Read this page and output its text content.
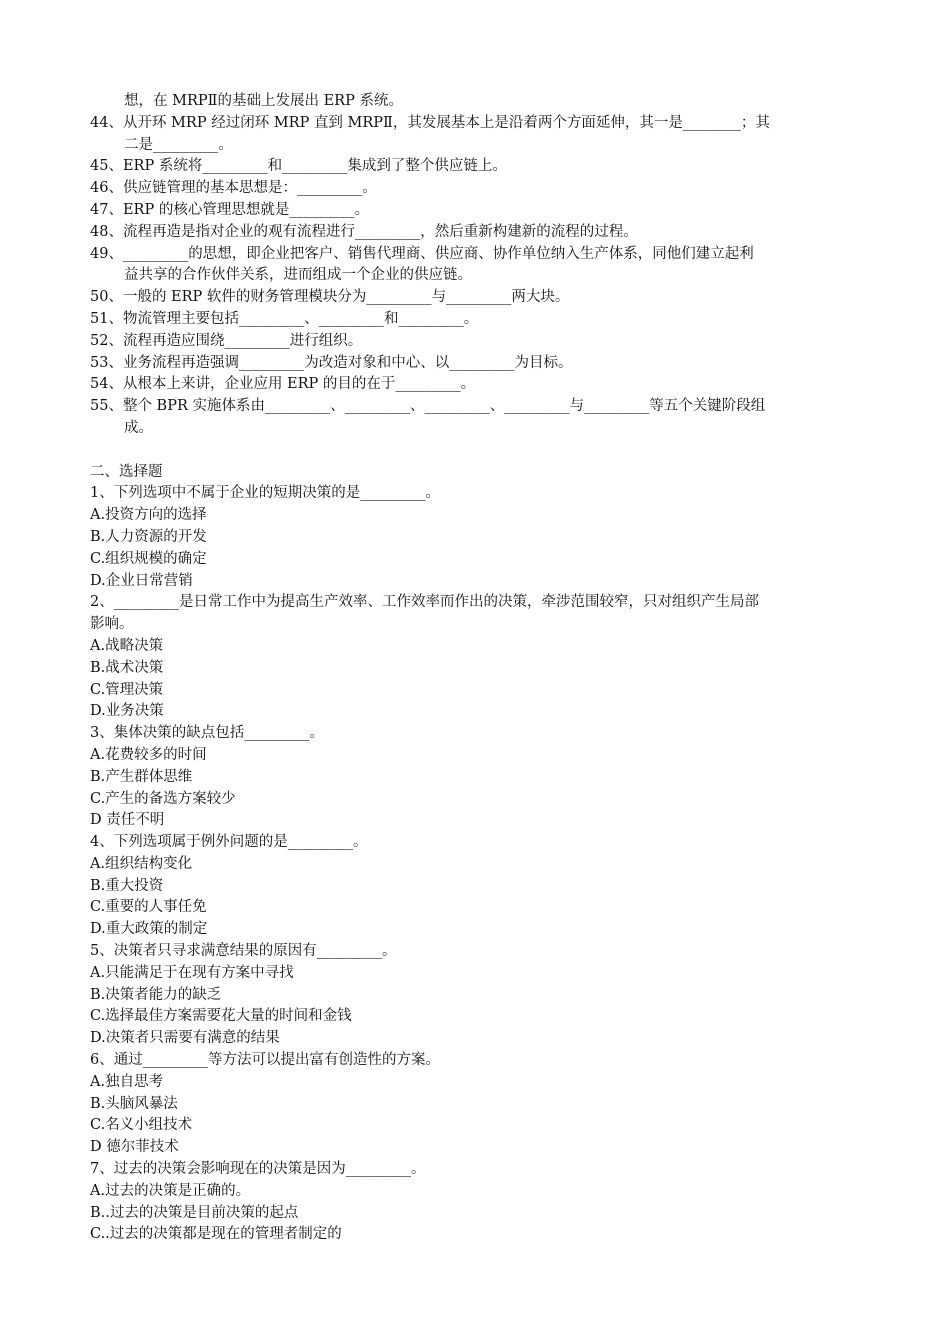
想，在 MRPⅡ的基础上发展出 ERP 系统。
44、从开环 MRP 经过闭环 MRP 直到 MRPⅡ，其发展基本上是沿着两个方面延伸，其一是________；其
二是_________。
45、ERP 系统将_________和_________集成到了整个供应链上。
46、供应链管理的基本思想是：_________。
47、ERP 的核心管理思想就是_________。
48、流程再造是指对企业的观有流程进行_________，然后重新构建新的流程的过程。
49、_________的思想，即企业把客户、销售代理商、供应商、协作单位纳入生产体系，同他们建立起利
益共享的合作伙伴关系，进而组成一个企业的供应链。
50、一般的 ERP 软件的财务管理模块分为_________与_________两大块。
51、物流管理主要包括_________、_________和_________。
52、流程再造应围绕_________进行组织。
53、业务流程再造强调_________为改造对象和中心、以_________为目标。
54、从根本上来讲，企业应用 ERP 的目的在于_________。
55、整个 BPR 实施体系由_________、_________、_________、_________与_________等五个关键阶段组
成。
二、选择题
1、下列选项中不属于企业的短期决策的是_________。
A.投资方向的选择
B.人力资源的开发
C.组织规模的确定
D.企业日常营销
2、_________是日常工作中为提高生产效率、工作效率而作出的决策，牵涉范围较窄，只对组织产生局部
影响。
A.战略决策
B.战术决策
C.管理决策
D.业务决策
3、集体决策的缺点包括_________。
A.花费较多的时间
B.产生群体思维
C.产生的备选方案较少
D 责任不明
4、下列选项属于例外问题的是_________。
A.组织结构变化
B.重大投资
C.重要的人事任免
D.重大政策的制定
5、决策者只寻求满意结果的原因有_________。
A.只能满足于在现有方案中寻找
B.决策者能力的缺乏
C.选择最佳方案需要花大量的时间和金钱
D.决策者只需要有满意的结果
6、通过_________等方法可以提出富有创造性的方案。
A.独自思考
B.头脑风暴法
C.名义小组技术
D 德尔菲技术
7、过去的决策会影响现在的决策是因为_________。
A.过去的决策是正确的。
B..过去的决策是目前决策的起点
C..过去的决策都是现在的管理者制定的
